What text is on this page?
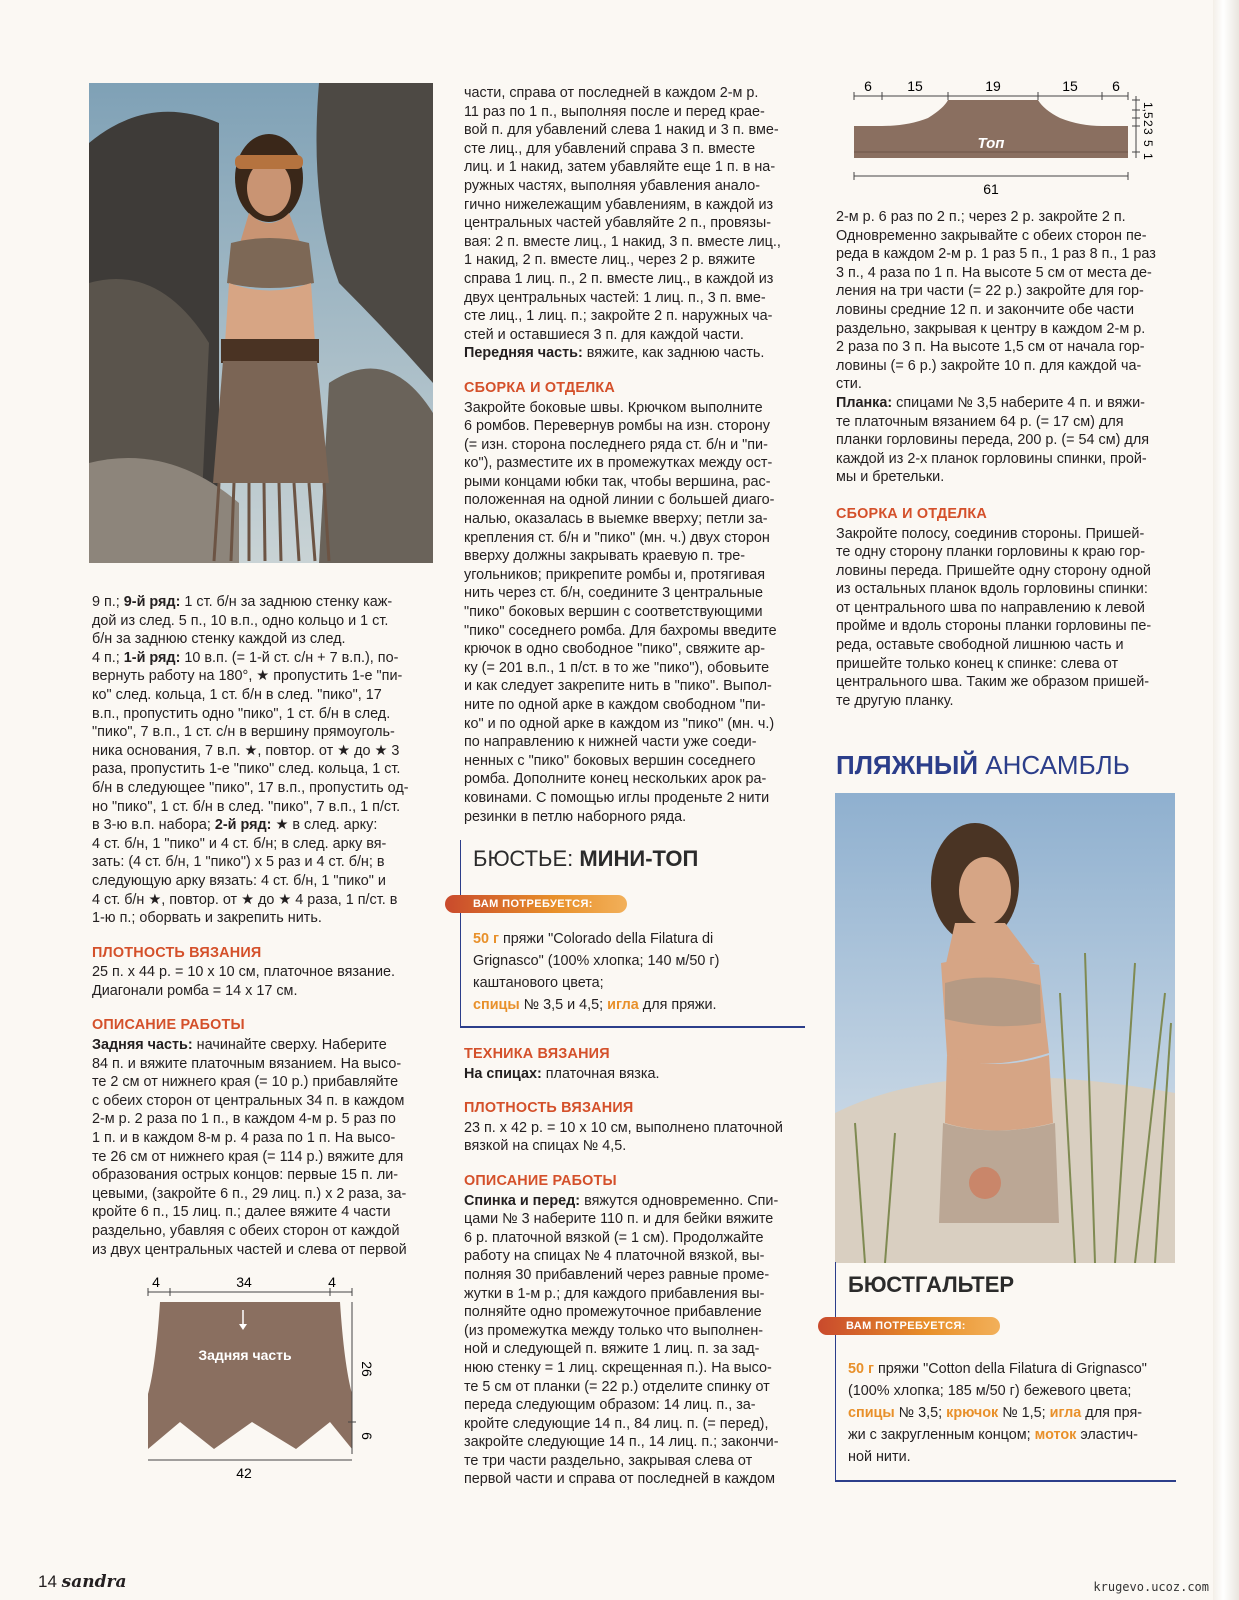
9 п.; 9-й ряд: 1 ст. б/н за заднюю стенку каж-
дой из след. 5 п., 10 в.п., одно кольцо и 1 ст.
б/н за заднюю стенку каждой из след.
4 п.; 1-й ряд: 10 в.п. (= 1-й ст. с/н + 7 в.п.), по-
вернуть работу на 180°, ★ пропустить 1-е "пи-
ко" след. кольца, 1 ст. б/н в след. "пико", 17
в.п., пропустить одно "пико", 1 ст. б/н в след.
"пико", 7 в.п., 1 ст. с/н в вершину прямоуголь-
ника основания, 7 в.п. ★, повтор. от ★ до ★ 3
раза, пропустить 1-е "пико" след. кольца, 1 ст.
б/н в следующее "пико", 17 в.п., пропустить од-
но "пико", 1 ст. б/н в след. "пико", 7 в.п., 1 п/ст.
в 3-ю в.п. набора; 2-й ряд: ★ в след. арку:
4 ст. б/н, 1 "пико" и 4 ст. б/н; в след. арку вя-
зать: (4 ст. б/н, 1 "пико") х 5 раз и 4 ст. б/н; в
следующую арку вязать: 4 ст. б/н, 1 "пико" и
4 ст. б/н ★, повтор. от ★ до ★ 4 раза, 1 п/ст. в
1-ю п.; оборвать и закрепить нить.
ПЛОТНОСТЬ ВЯЗАНИЯ
25 п. х 44 р. = 10 х 10 см, платочное вязание.
Диагонали ромба = 14 х 17 см.
ОПИСАНИЕ РАБОТЫ
Задняя часть: начинайте сверху. Наберите
84 п. и вяжите платочным вязанием. На высо-
те 2 см от нижнего края (= 10 р.) прибавляйте
с обеих сторон от центральных 34 п. в каждом
2-м р. 2 раза по 1 п., в каждом 4-м р. 5 раз по
1 п. и в каждом 8-м р. 4 раза по 1 п. На высо-
те 26 см от нижнего края (= 114 р.) вяжите для
образования острых концов: первые 15 п. ли-
цевыми, (закройте 6 п., 29 лиц. п.) х 2 раза, за-
кройте 6 п., 15 лиц. п.; далее вяжите 4 части
раздельно, убавляя с обеих сторон от каждой
из двух центральных частей и слева от первой
4	34	4
Задняя часть
26
6
42
части, справа от последней в каждом 2-м р.
11 раз по 1 п., выполняя после и перед крае-
вой п. для убавлений слева 1 накид и 3 п. вме-
сте лиц., для убавлений справа 3 п. вместе
лиц. и 1 накид, затем убавляйте еще 1 п. в на-
ружных частях, выполняя убавления анало-
гично нижележащим убавлениям, в каждой из
центральных частей убавляйте 2 п., провязы-
вая: 2 п. вместе лиц., 1 накид, 3 п. вместе лиц.,
1 накид, 2 п. вместе лиц., через 2 р. вяжите
справа 1 лиц. п., 2 п. вместе лиц., в каждой из
двух центральных частей: 1 лиц. п., 3 п. вме-
сте лиц., 1 лиц. п.; закройте 2 п. наружных ча-
стей и оставшиеся 3 п. для каждой части.
Передняя часть: вяжите, как заднюю часть.
СБОРКА И ОТДЕЛКА
Закройте боковые швы. Крючком выполните
6 ромбов. Перевернув ромбы на изн. сторону
(= изн. сторона последнего ряда ст. б/н и "пи-
ко"), разместите их в промежутках между ост-
рыми концами юбки так, чтобы вершина, рас-
положенная на одной линии с большей диаго-
налью, оказалась в выемке вверху; петли за-
крепления ст. б/н и "пико" (мн. ч.) двух сторон
вверху должны закрывать краевую п. тре-
угольников; прикрепите ромбы и, протягивая
нить через ст. б/н, соедините 3 центральные
"пико" боковых вершин с соответствующими
"пико" соседнего ромба. Для бахромы введите
крючок в одно свободное "пико", свяжите ар-
ку (= 201 в.п., 1 п/ст. в то же "пико"), обовьите
и как следует закрепите нить в "пико". Выпол-
ните по одной арке в каждом свободном "пи-
ко" и по одной арке в каждом из "пико" (мн. ч.)
по направлению к нижней части уже соеди-
ненных с "пико" боковых вершин соседнего
ромба. Дополните конец нескольких арок ра-
ковинами. С помощью иглы проденьте 2 нити
резинки в петлю наборного ряда.
БЮСТЬЕ: МИНИ-ТОП
ВАМ ПОТРЕБУЕТСЯ:
50 г пряжи "Colorado della Filatura di
Grignasco" (100% хлопка; 140 м/50 г)
каштанового цвета;
спицы № 3,5 и 4,5; игла для пряжи.
ТЕХНИКА ВЯЗАНИЯ
На спицах: платочная вязка.
ПЛОТНОСТЬ ВЯЗАНИЯ
23 п. х 42 р. = 10 х 10 см, выполнено платочной
вязкой на спицах № 4,5.
ОПИСАНИЕ РАБОТЫ
Спинка и перед: вяжутся одновременно. Спи-
цами № 3 наберите 110 п. и для бейки вяжите
6 р. платочной вязкой (= 1 см). Продолжайте
работу на спицах № 4 платочной вязкой, вы-
полняя 30 прибавлений через равные проме-
жутки в 1-м р.; для каждого прибавления вы-
полняйте одно промежуточное прибавление
(из промежутка между только что выполнен-
ной и следующей п. вяжите 1 лиц. п. за зад-
нюю стенку = 1 лиц. скрещенная п.). На высо-
те 5 см от планки (= 22 р.) отделите спинку от
переда следующим образом: 14 лиц. п., за-
кройте следующие 14 п., 84 лиц. п. (= перед),
закройте следующие 14 п., 14 лиц. п.; закончи-
те три части раздельно, закрывая слева от
первой части и справа от последней в каждом
6	15	19	15 6
Топ
1,5
2
3
5
1
61
2-м р. 6 раз по 2 п.; через 2 р. закройте 2 п.
Одновременно закрывайте с обеих сторон пе-
реда в каждом 2-м р. 1 раз 5 п., 1 раз 8 п., 1 раз
3 п., 4 раза по 1 п. На высоте 5 см от места де-
ления на три части (= 22 р.) закройте для гор-
ловины средние 12 п. и закончите обе части
раздельно, закрывая к центру в каждом 2-м р.
2 раза по 3 п. На высоте 1,5 см от начала гор-
ловины (= 6 р.) закройте 10 п. для каждой ча-
сти.
Планка: спицами № 3,5 наберите 4 п. и вяжи-
те платочным вязанием 64 р. (= 17 см) для
планки горловины переда, 200 р. (= 54 см) для
каждой из 2-х планок горловины спинки, прой-
мы и бретельки.
СБОРКА И ОТДЕЛКА
Закройте полосу, соединив стороны. Пришей-
те одну сторону планки горловины к краю гор-
ловины переда. Пришейте одну сторону одной
из остальных планок вдоль горловины спинки:
от центрального шва по направлению к левой
пройме и вдоль стороны планки горловины пе-
реда, оставьте свободной лишнюю часть и
пришейте только конец к спинке: слева от
центрального шва. Таким же образом пришей-
те другую планку.
ПЛЯЖНЫЙ АНСАМБЛЬ
БЮСТГАЛЬТЕР
ВАМ ПОТРЕБУЕТСЯ:
50 г пряжи "Cotton della Filatura di Grignasco"
(100% хлопка; 185 м/50 г) бежевого цвета;
спицы № 3,5; крючок № 1,5; игла для пря-
жи с закругленным концом; моток эластич-
ной нити.
14 sandra	krugevo.ucoz.com
